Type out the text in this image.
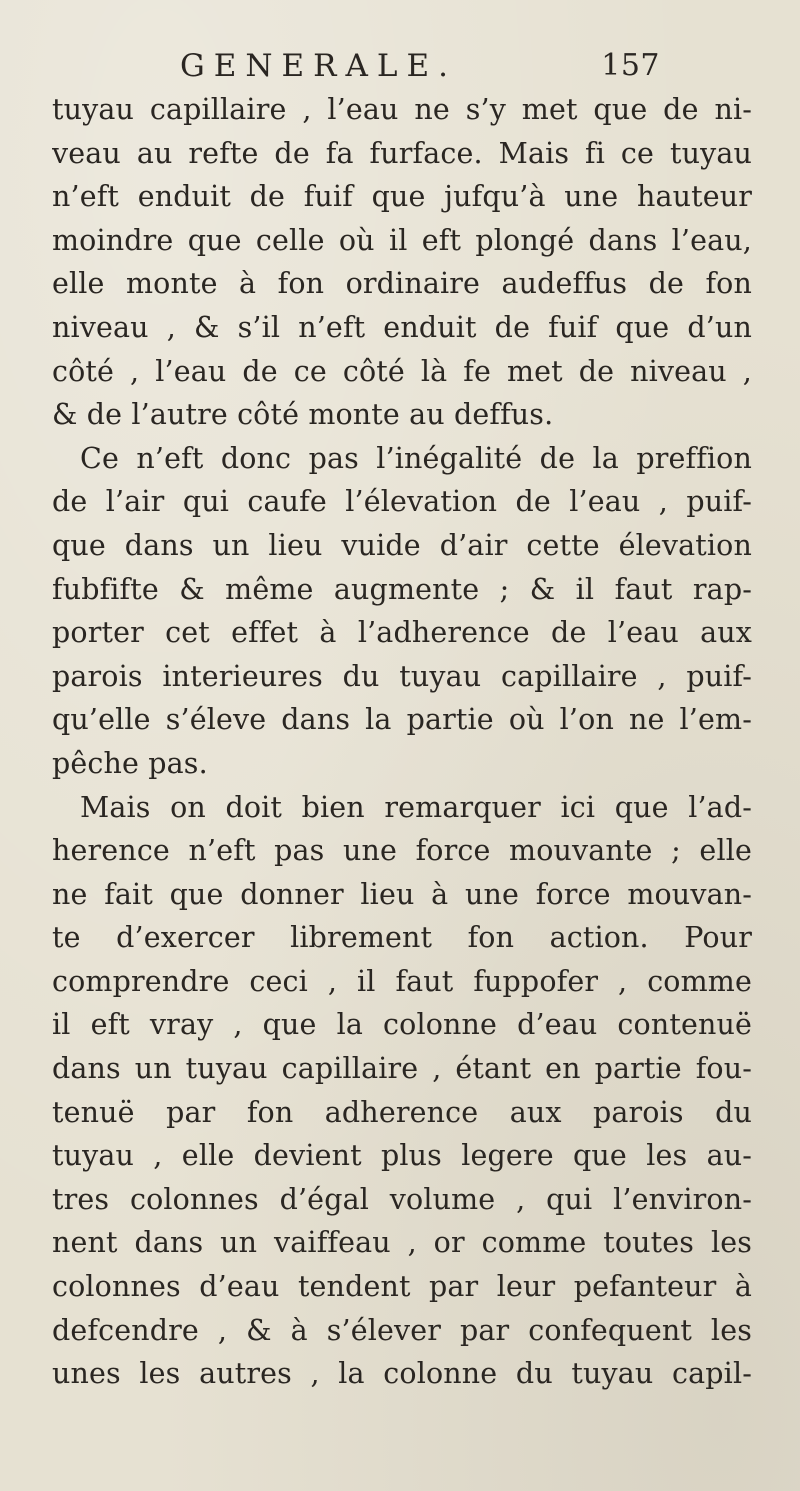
GENERALE.	157
tuyau capillaire , l’eau ne s’y met que de ni-
veau au refte de fa furface. Mais fi ce tuyau
n’eft enduit de fuif que jufqu’à une hauteur
moindre que celle où il eft plongé dans l’eau,
elle monte à fon ordinaire audeffus de fon
niveau , & s’il n’eft enduit de fuif que d’un
côté , l’eau de ce côté là fe met de niveau ,
& de l’autre côté monte au deffus.
Ce n’eft donc pas l’inégalité de la preffion
de l’air qui caufe l’élevation de l’eau , puif-
que dans un lieu vuide d’air cette élevation
fubfifte & même augmente ; & il faut rap-
porter cet effet à l’adherence de l’eau aux
parois interieures du tuyau capillaire , puif-
qu’elle s’éleve dans la partie où l’on ne l’em-
pêche pas.
Mais on doit bien remarquer ici que l’ad-
herence n’eft pas une force mouvante ; elle
ne fait que donner lieu à une force mouvan-
te d’exercer librement fon action. Pour
comprendre ceci , il faut fuppofer , comme
il eft vray , que la colonne d’eau contenuë
dans un tuyau capillaire , étant en partie fou-
tenuë par fon adherence aux parois du
tuyau , elle devient plus legere que les au-
tres colonnes d’égal volume , qui l’environ-
nent dans un vaiffeau , or comme toutes les
colonnes d’eau tendent par leur pefanteur à
defcendre , & à s’élever par confequent les
unes les autres , la colonne du tuyau capil-
